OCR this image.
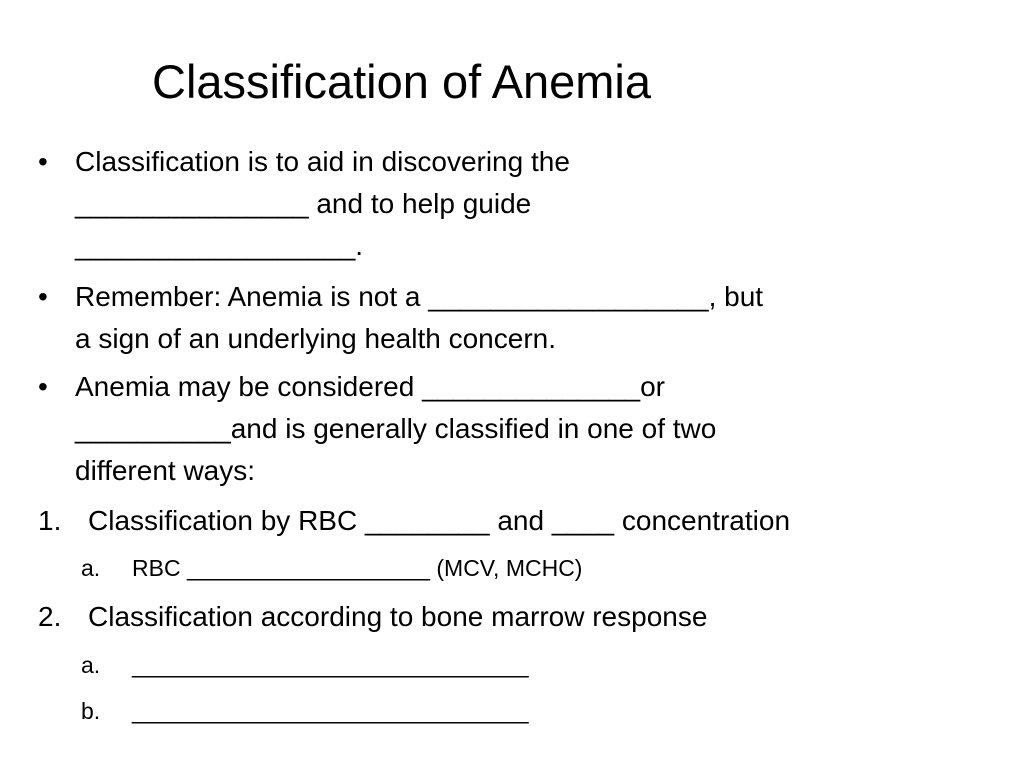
Classification of Anemia
• Classification is to aid in discovering the
_______________ and to help guide
__________________.
• Remember: Anemia is not a __________________, but
a sign of an underlying health concern.
• Anemia may be considered ______________or
__________and is generally classified in one of two
different ways:
1. Classification by RBC ________ and ____ concentration
a. RBC ___________________ (MCV, MCHC)
2. Classification according to bone marrow response
a. _______________________________
b. _______________________________
